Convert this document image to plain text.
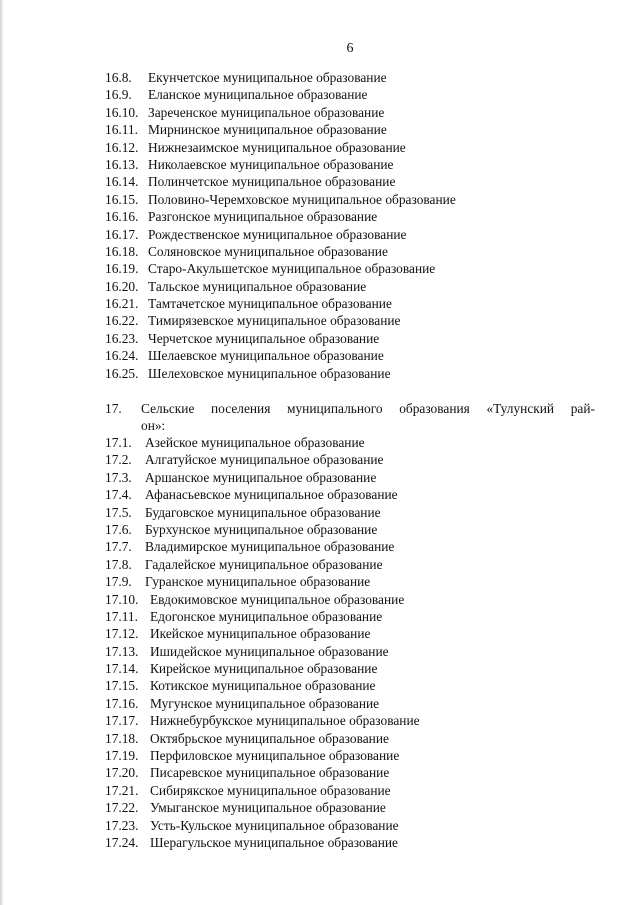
6
16.8.	Екунчетское муниципальное образование
16.9.	Еланское муниципальное образование
16.10. Зареченское муниципальное образование
16.11. Мирнинское муниципальное образование
16.12. Нижнезаимское муниципальное образование
16.13. Николаевское муниципальное образование
16.14. Полинчетское муниципальное образование
16.15. Половино-Черемховское муниципальное образование
16.16. Разгонское муниципальное образование
16.17. Рождественское муниципальное образование
16.18. Соляновское муниципальное образование
16.19. Старо-Акульшетское муниципальное образование
16.20. Тальское муниципальное образование
16.21. Тамтачетское муниципальное образование
16.22. Тимирязевское муниципальное образование
16.23. Черчетское муниципальное образование
16.24. Шелаевское муниципальное образование
16.25. Шелеховское муниципальное образование
17. Сельские поселения муниципального образования «Тулунский рай-
он»:
17.1. Азейское муниципальное образование
17.2. Алгатуйское муниципальное образование
17.3. Аршанское муниципальное образование
17.4. Афанасьевское муниципальное образование
17.5. Будаговское муниципальное образование
17.6. Бурхунское муниципальное образование
17.7. Владимирское муниципальное образование
17.8. Гадалейское муниципальное образование
17.9. Гуранское муниципальное образование
17.10. Евдокимовское муниципальное образование
17.11. Едогонское муниципальное образование
17.12. Икейское муниципальное образование
17.13. Ишидейское муниципальное образование
17.14. Кирейское муниципальное образование
17.15. Котикское муниципальное образование
17.16. Мугунское муниципальное образование
17.17. Нижнебурбукское муниципальное образование
17.18. Октябрьское муниципальное образование
17.19. Перфиловское муниципальное образование
17.20. Писаревское муниципальное образование
17.21. Сибирякское муниципальное образование
17.22. Умыганское муниципальное образование
17.23. Усть-Кульское муниципальное образование
17.24. Шерагульское муниципальное образование
